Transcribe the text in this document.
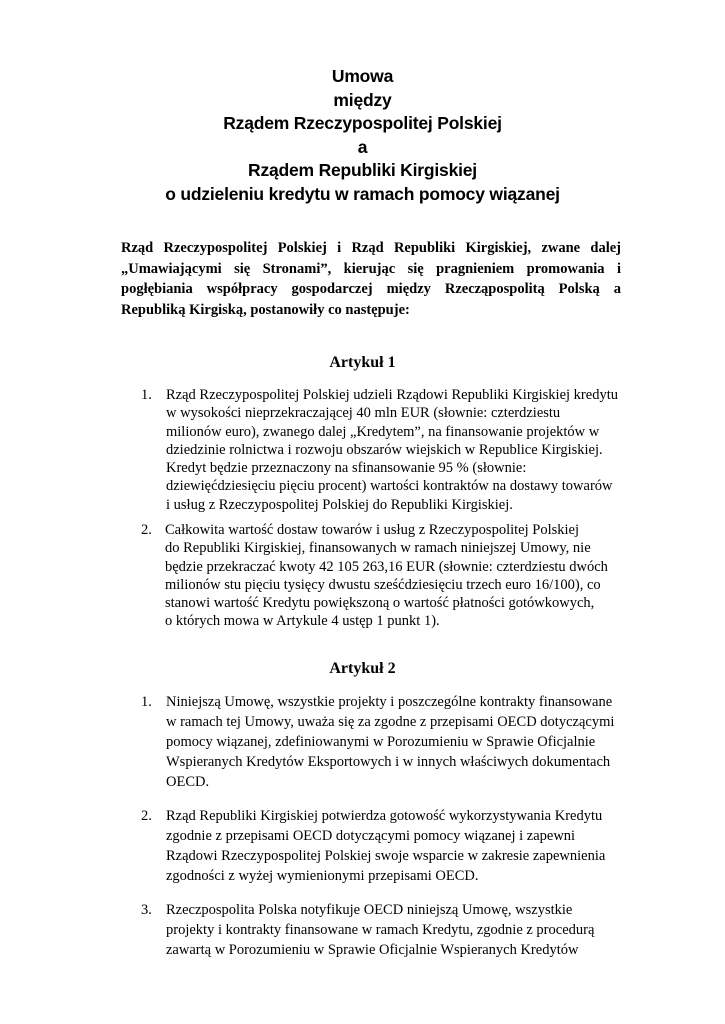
Umowa
między
Rządem Rzeczypospolitej Polskiej
a
Rządem Republiki Kirgiskiej
o udzieleniu kredytu w ramach pomocy wiązanej
Rząd Rzeczypospolitej Polskiej i Rząd Republiki Kirgiskiej, zwane dalej „Umawiającymi się Stronami”, kierując się pragnieniem promowania i pogłębiania współpracy gospodarczej między Rzecząpospolitą Polską a Republiką Kirgiską, postanowiły co następuje:
Artykuł 1
1. Rząd Rzeczypospolitej Polskiej udzieli Rządowi Republiki Kirgiskiej kredytu
w wysokości nieprzekraczającej 40 mln EUR (słownie: czterdziestu
milionów euro), zwanego dalej „Kredytem”, na finansowanie projektów w
dziedzinie rolnictwa i rozwoju obszarów wiejskich w Republice Kirgiskiej.
Kredyt będzie przeznaczony na sfinansowanie 95 % (słownie:
dziewięćdziesięciu pięciu procent) wartości kontraktów na dostawy towarów
i usług z Rzeczypospolitej Polskiej do Republiki Kirgiskiej.
2. Całkowita wartość dostaw towarów i usług z Rzeczypospolitej Polskiej
do Republiki Kirgiskiej, finansowanych w ramach niniejszej Umowy, nie
będzie przekraczać kwoty 42 105 263,16 EUR (słownie: czterdziestu dwóch
milionów stu pięciu tysięcy dwustu sześćdziesięciu trzech euro 16/100), co
stanowi wartość Kredytu powiększoną o wartość płatności gotówkowych,
o których mowa w Artykule 4 ustęp 1 punkt 1).
Artykuł 2
1. Niniejszą Umowę, wszystkie projekty i poszczególne kontrakty finansowane
w ramach tej Umowy, uważa się za zgodne z przepisami OECD dotyczącymi
pomocy wiązanej, zdefiniowanymi w Porozumieniu w Sprawie Oficjalnie
Wspieranych Kredytów Eksportowych i w innych właściwych dokumentach
OECD.
2. Rząd Republiki Kirgiskiej potwierdza gotowość wykorzystywania Kredytu
zgodnie z przepisami OECD dotyczącymi pomocy wiązanej i zapewni
Rządowi Rzeczypospolitej Polskiej swoje wsparcie w zakresie zapewnienia
zgodności z wyżej wymienionymi przepisami OECD.
3. Rzeczpospolita Polska notyfikuje OECD niniejszą Umowę, wszystkie
projekty i kontrakty finansowane w ramach Kredytu, zgodnie z procedurą
zawartą w Porozumieniu w Sprawie Oficjalnie Wspieranych Kredytów
